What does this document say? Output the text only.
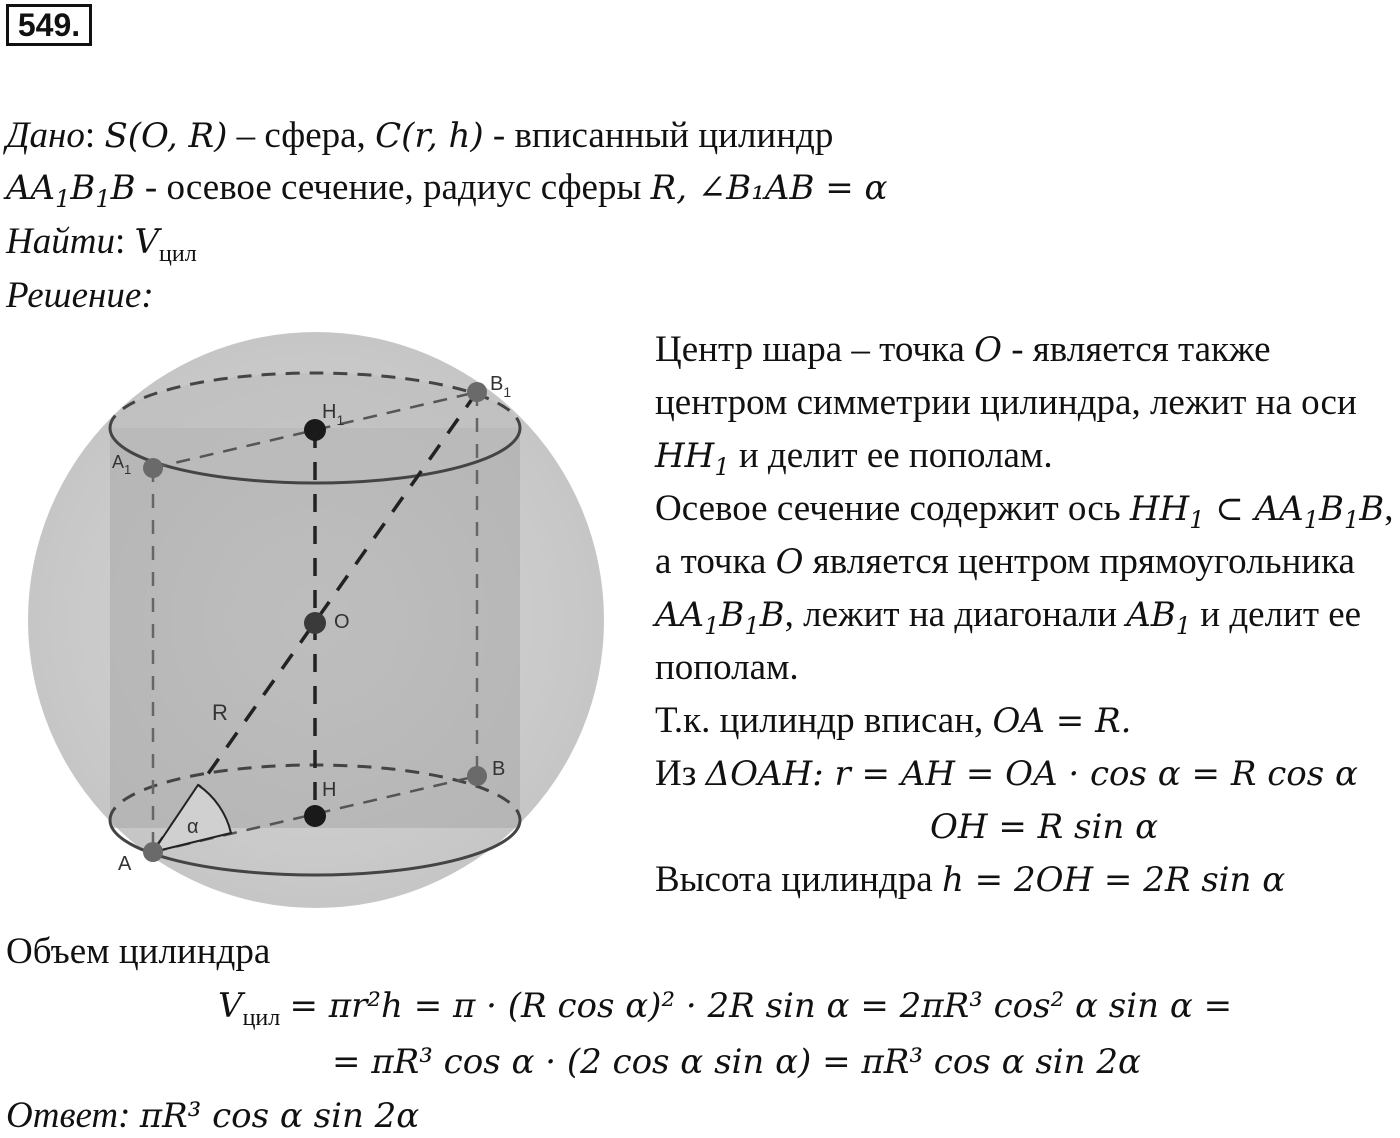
549.
Дано: S(O, R) – сфера, C(r, h) - вписанный цилиндр
$AA_1B_1B$ - осевое сечение, радиус сферы R, ∠B₁AB = α
Найти: $V_{цил}$
Решение:
A
$A_1$
$B_1$
B
$H_1$
H
O
R
α
Центр шара – точка O - является также
центром симметрии цилиндра, лежит на оси
$HH_1$ и делит ее пополам.
Осевое сечение содержит ось $HH_1$ ⊂ $AA_1B_1B$,
а точка O является центром прямоугольника
$AA_1B_1B$, лежит на диагонали $AB_1$ и делит ее
пополам.
Т.к. цилиндр вписан, OA = R.
Из ΔOAH: r = AH = OA · cos α = R cos α
OH = R sin α
Высота цилиндра h = 2OH = 2R sin α
Объем цилиндра
$V_{цил} = \pi r^2h = \pi \cdot (R$ cos α)² · 2R sin α = 2πR³ cos² α sin α =
= πR³ cos α · (2 cos α sin α) = πR³ cos α sin 2α
Ответ: πR³ cos α sin 2α
